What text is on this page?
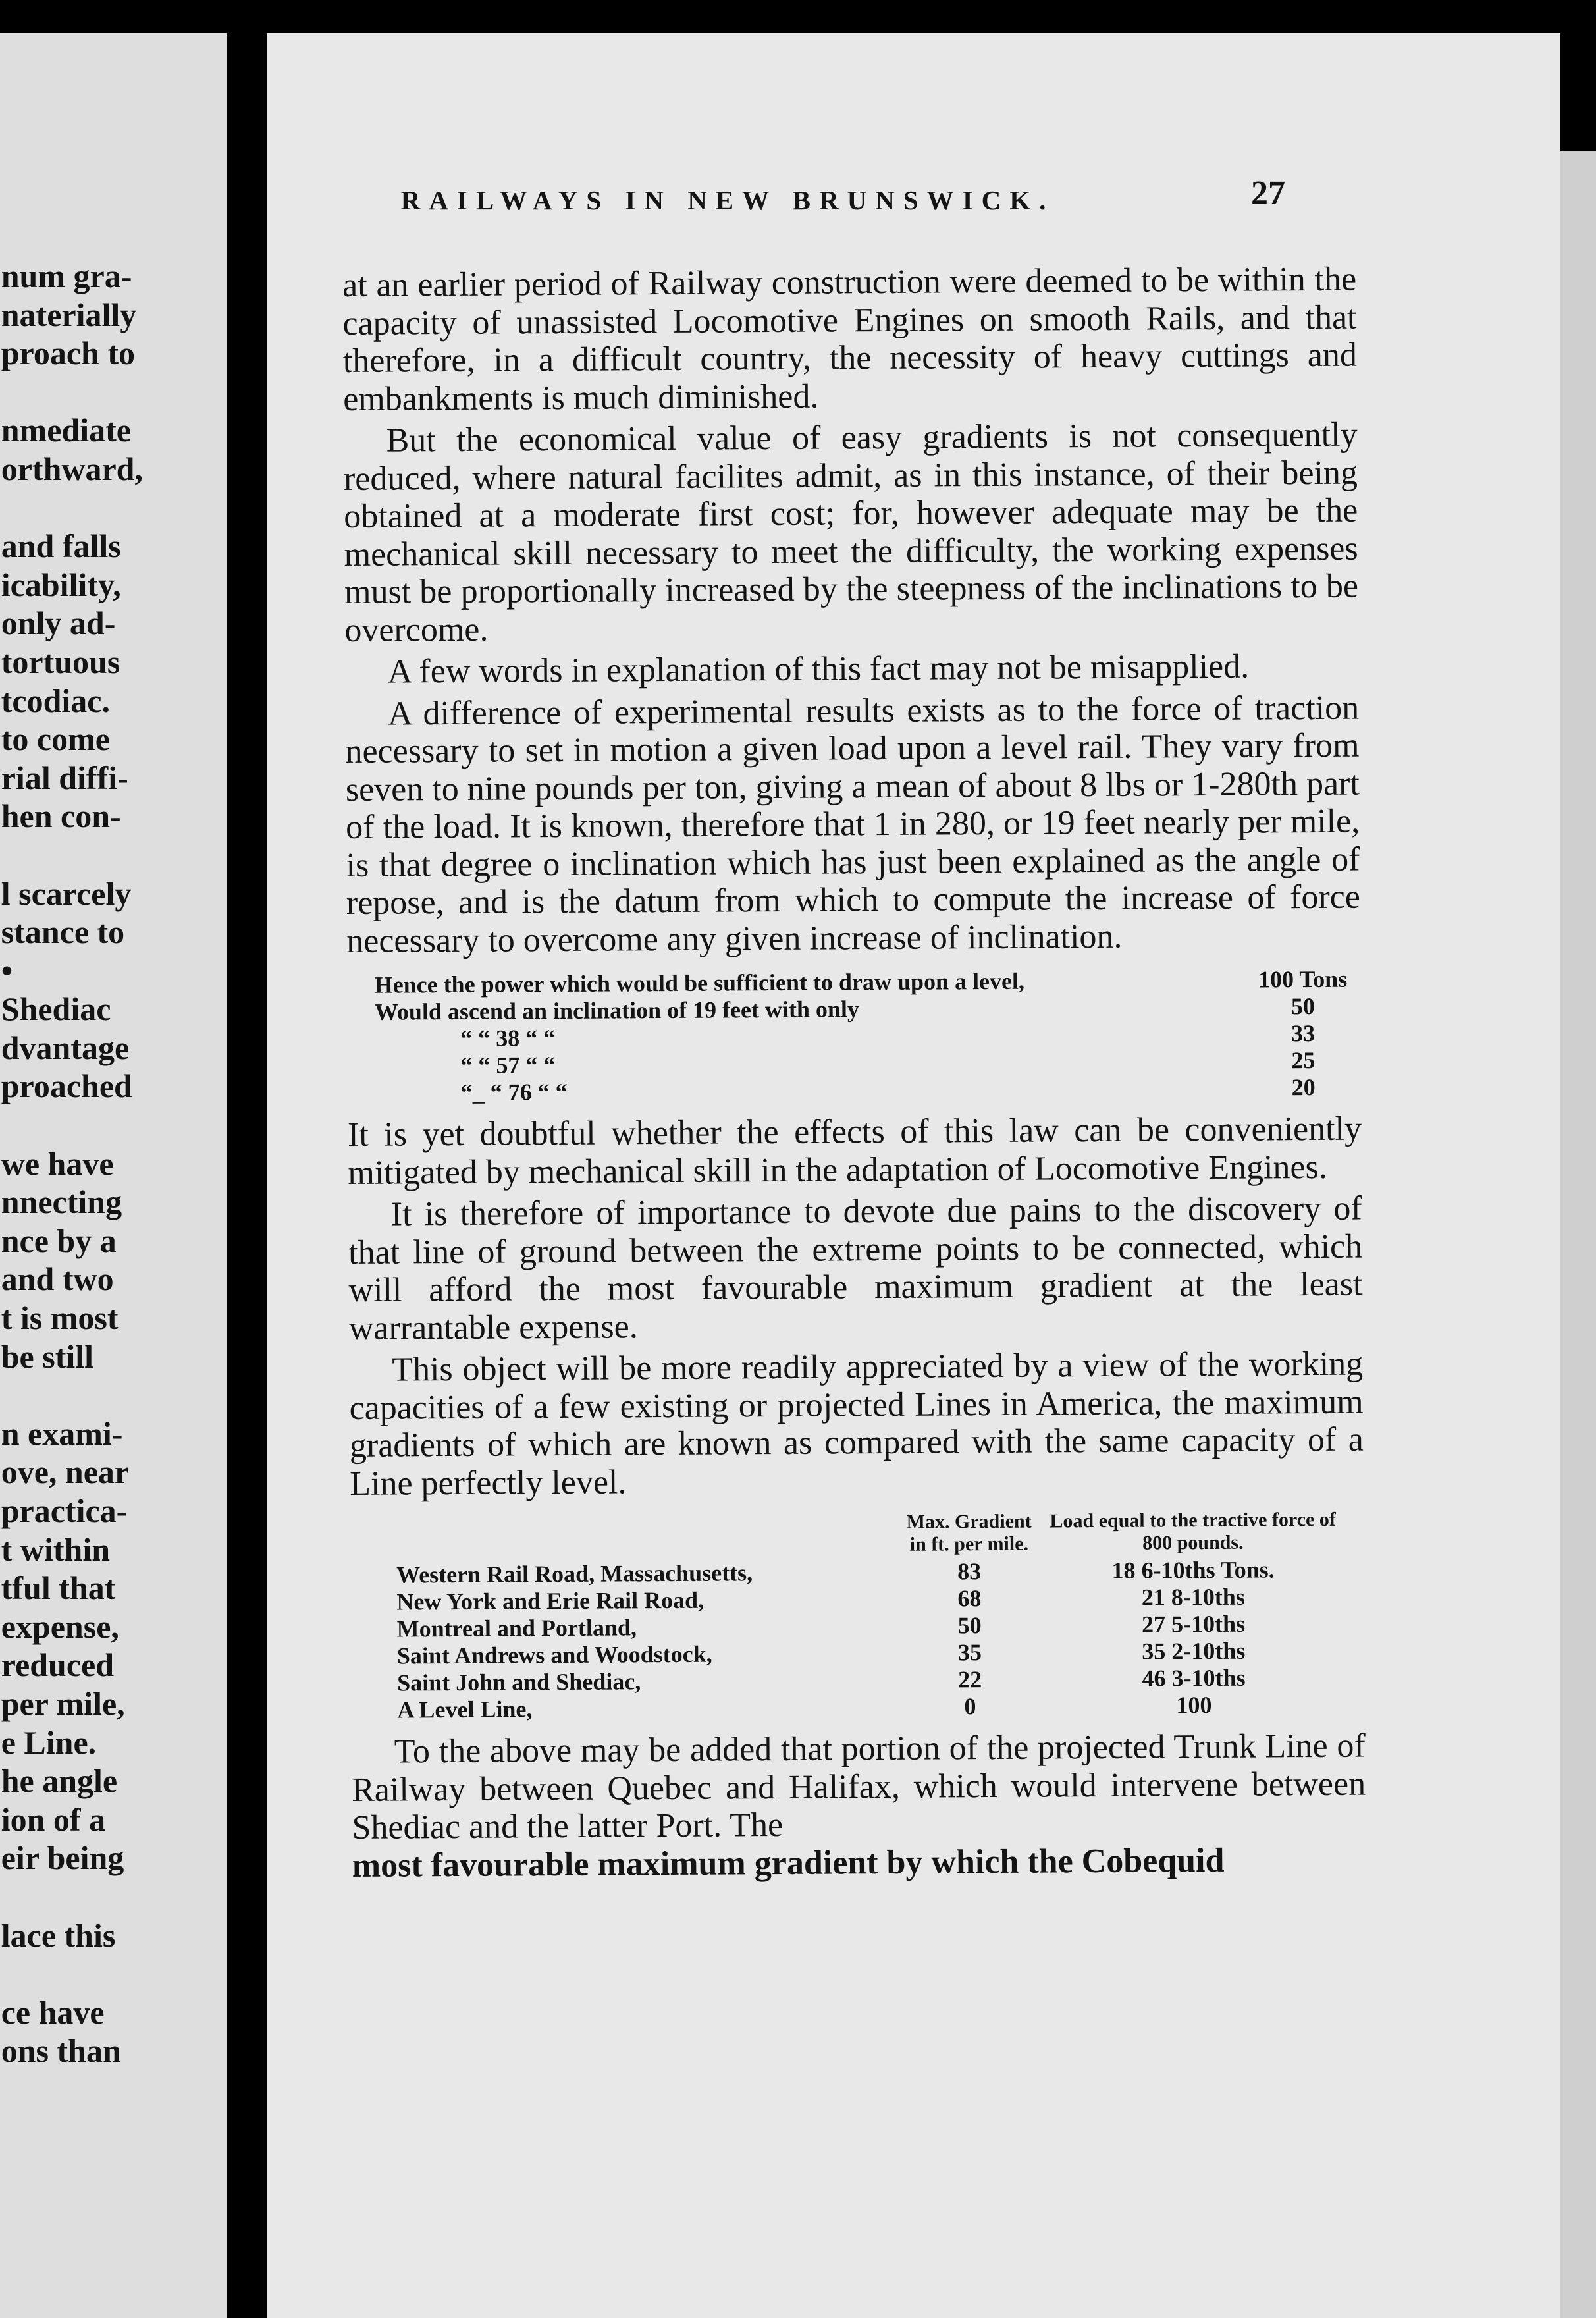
num gra-
naterially
proach to

nmediate
orthward,

and falls
icability,
only ad-
tortuous
tcodiac.
to come
rial diffi-
hen con-

l scarcely
stance to
•
Shediac
dvantage
proached

we have
nnecting
nce by a
and two
t is most
be still

n exami-
ove, near
practica-
t within
tful that
expense,
reduced
per mile,
e Line.
he angle
ion of a
eir being

lace this

ce have
ons than
RAILWAYS IN NEW BRUNSWICK.	27

at an earlier period of Railway construction were deemed to be within the capacity of unassisted Locomotive Engines on smooth Rails, and that therefore, in a difficult country, the necessity of heavy cuttings and embankments is much diminished.

But the economical value of easy gradients is not consequently reduced, where natural facilites admit, as in this instance, of their being obtained at a moderate first cost; for, however adequate may be the mechanical skill necessary to meet the difficulty, the working expenses must be proportionally increased by the steepness of the inclinations to be overcome.

A few words in explanation of this fact may not be misapplied.

A difference of experimental results exists as to the force of traction necessary to set in motion a given load upon a level rail. They vary from seven to nine pounds per ton, giving a mean of about 8 lbs or 1-280th part of the load. It is known, therefore that 1 in 280, or 19 feet nearly per mile, is that degree o inclination which has just been explained as the angle of repose, and is the datum from which to compute the increase of force necessary to overcome any given increase of inclination.

Hence the power which would be sufficient to draw upon a level,	100 Tons
Would ascend an inclination of 19 feet with only	50
“ “ 38 “ “	33
“ “ 57 “ “	25
“_ “ 76 “ “	20

It is yet doubtful whether the effects of this law can be conveniently mitigated by mechanical skill in the adaptation of Locomotive Engines.

It is therefore of importance to devote due pains to the discovery of that line of ground between the extreme points to be connected, which will afford the most favourable maximum gradient at the least warrantable expense.

This object will be more readily appreciated by a view of the working capacities of a few existing or projected Lines in America, the maximum gradients of which are known as compared with the same capacity of a Line perfectly level.

Max. Gradient in ft. per mile.
Load equal to the tractive force of 800 pounds.
Western Rail Road, Massachusetts,	83	18 6-10ths Tons.
New York and Erie Rail Road,	68	21 8-10ths
Montreal and Portland,	50	27 5-10ths
Saint Andrews and Woodstock,	35	35 2-10ths
Saint John and Shediac,	22	46 3-10ths
A Level Line,	0	100

To the above may be added that portion of the projected Trunk Line of Railway between Quebec and Halifax, which would intervene between Shediac and the latter Port. The

most favourable maximum gradient by which the Cobequid
